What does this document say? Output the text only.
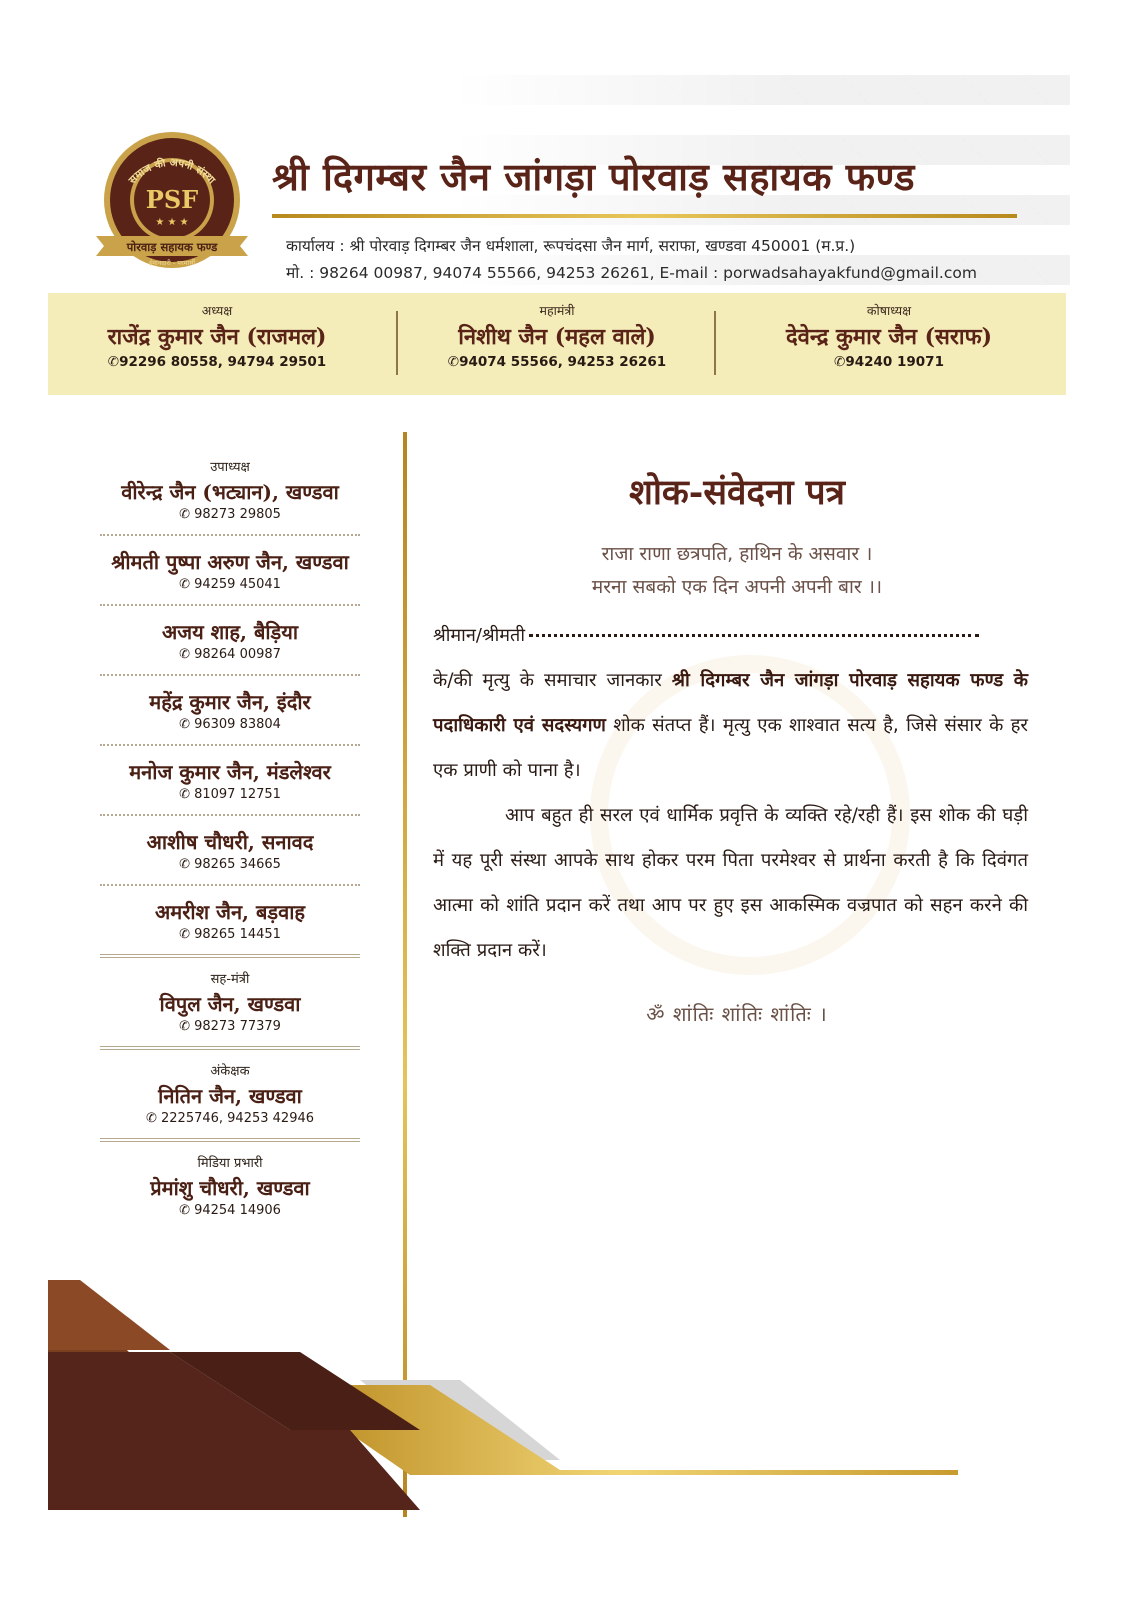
समाज की अपनी संस्था
PSF
★ ★ ★
पोरवाड़ सहायक फण्ड
ईमानदारी - परमार्थी
श्री दिगम्बर जैन जांगड़ा पोरवाड़ सहायक फण्ड
कार्यालय : श्री पोरवाड़ दिगम्बर जैन धर्मशाला, रूपचंदसा जैन मार्ग, सराफा, खण्डवा 450001 (म.प्र.)
मो. : 98264 00987, 94074 55566, 94253 26261, E-mail : porwadsahayakfund@gmail.com
अध्यक्ष
राजेंद्र कुमार जैन (राजमल)
✆92296 80558, 94794 29501
महामंत्री
निशीथ जैन (महल वाले)
✆94074 55566, 94253 26261
कोषाध्यक्ष
देवेन्द्र कुमार जैन (सराफ)
✆94240 19071
उपाध्यक्ष
वीरेन्द्र जैन (भट्यान), खण्डवा
✆ 98273 29805
श्रीमती पुष्पा अरुण जैन, खण्डवा
✆ 94259 45041
अजय शाह, बैड़िया
✆ 98264 00987
महेंद्र कुमार जैन, इंदौर
✆ 96309 83804
मनोज कुमार जैन, मंडलेश्वर
✆ 81097 12751
आशीष चौधरी, सनावद
✆ 98265 34665
अमरीश जैन, बड़वाह
✆ 98265 14451
सह-मंत्री
विपुल जैन, खण्डवा
✆ 98273 77379
अंकेक्षक
नितिन जैन, खण्डवा
✆ 2225746, 94253 42946
मिडिया प्रभारी
प्रेमांशु चौधरी, खण्डवा
✆ 94254 14906
शोक-संवेदना पत्र
राजा राणा छत्रपति, हाथिन के असवार ।
मरना सबको एक दिन अपनी अपनी बार ।।
श्रीमान/श्रीमती

के/की मृत्यु के समाचार जानकार श्री दिगम्बर जैन जांगड़ा पोरवाड़ सहायक फण्ड के पदाधिकारी एवं सदस्यगण शोक संतप्त हैं। मृत्यु एक शाश्वात सत्य है, जिसे संसार के हर एक प्राणी को पाना है।

आप बहुत ही सरल एवं धार्मिक प्रवृत्ति के व्यक्ति रहे/रही हैं। इस शोक की घड़ी में यह पूरी संस्था आपके साथ होकर परम पिता परमेश्वर से प्रार्थना करती है कि दिवंगत आत्मा को शांति प्रदान करें तथा आप पर हुए इस आकस्मिक वज्रपात को सहन करने की शक्ति प्रदान करें।

ॐ शांतिः शांतिः शांतिः ।
